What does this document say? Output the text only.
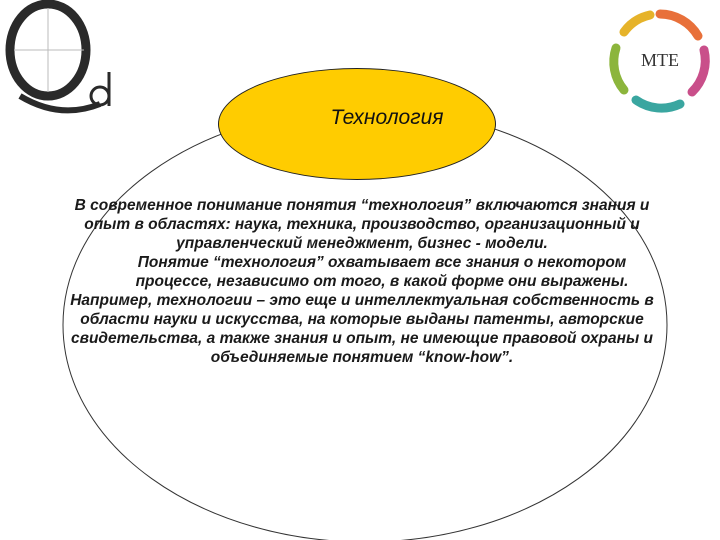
MTE
Технология

В современное понимание понятия “технология” включаются знания и опыт в областях: наука, техника, производство, организационный и управленческий менеджмент, бизнес - модели.

Понятие “технология” охватывает все знания о некотором процессе, независимо от того, в какой форме они выражены.

Например, технологии – это еще и интеллектуальная собственность в области науки и искусства, на которые выданы патенты, авторские свидетельства, а также знания и опыт, не имеющие правовой охраны и объединяемые понятием “know-how”.
